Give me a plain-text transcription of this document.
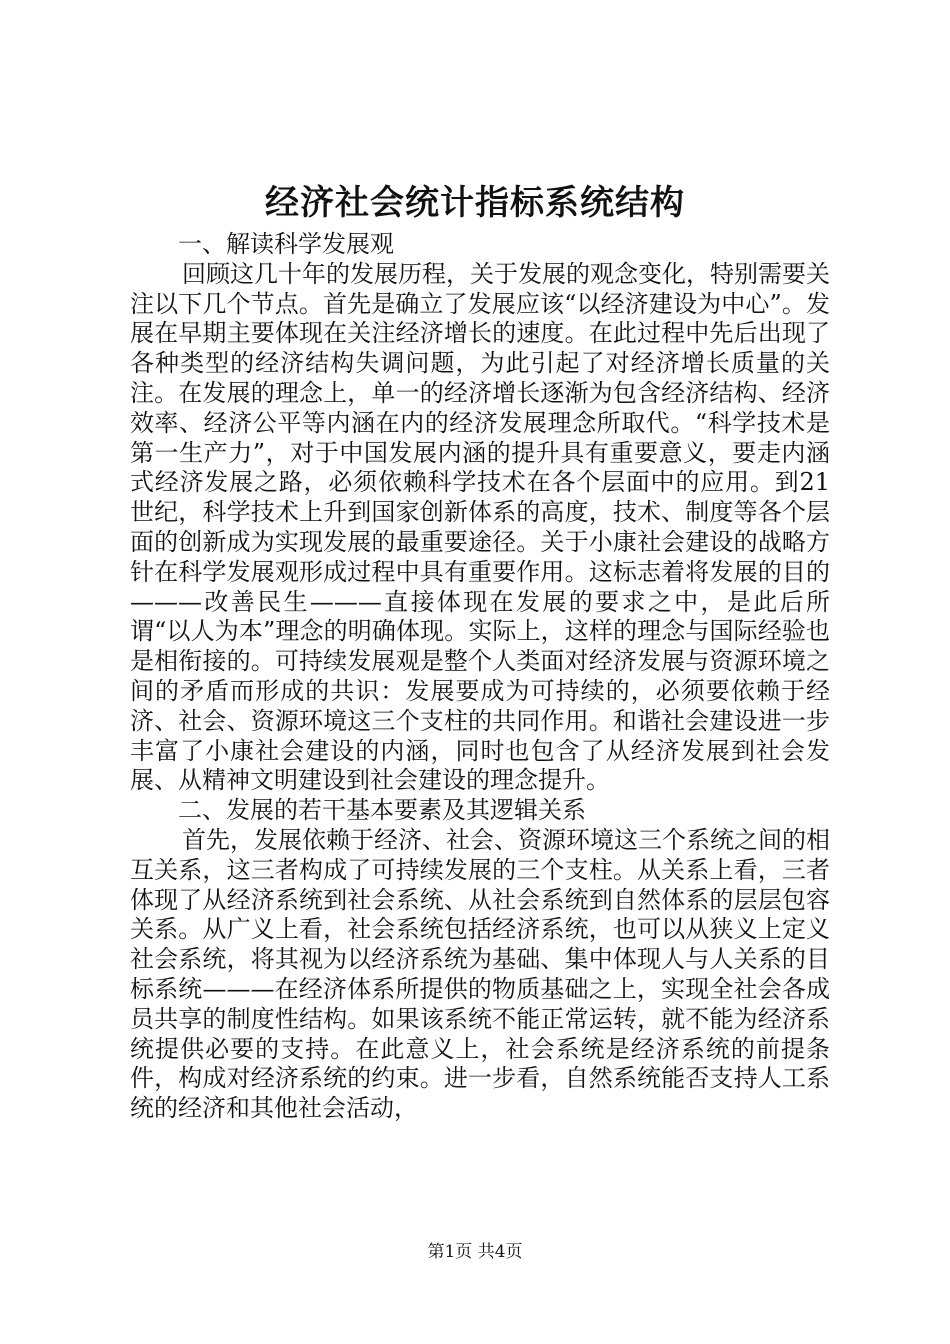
经济社会统计指标系统结构
一、解读科学发展观

回顾这几十年的发展历程，关于发展的观念变化，特别需要关注以下几个节点。首先是确立了发展应该“以经济建设为中心”。发展在早期主要体现在关注经济增长的速度。在此过程中先后出现了各种类型的经济结构失调问题，为此引起了对经济增长质量的关注。在发展的理念上，单一的经济增长逐渐为包含经济结构、经济效率、经济公平等内涵在内的经济发展理念所取代。“科学技术是第一生产力”，对于中国发展内涵的提升具有重要意义，要走内涵式经济发展之路，必须依赖科学技术在各个层面中的应用。到21世纪，科学技术上升到国家创新体系的高度，技术、制度等各个层面的创新成为实现发展的最重要途径。关于小康社会建设的战略方针在科学发展观形成过程中具有重要作用。这标志着将发展的目的———改善民生———直接体现在发展的要求之中，是此后所谓“以人为本”理念的明确体现。实际上，这样的理念与国际经验也是相衔接的。可持续发展观是整个人类面对经济发展与资源环境之间的矛盾而形成的共识：发展要成为可持续的，必须要依赖于经济、社会、资源环境这三个支柱的共同作用。和谐社会建设进一步丰富了小康社会建设的内涵，同时也包含了从经济发展到社会发展、从精神文明建设到社会建设的理念提升。

二、发展的若干基本要素及其逻辑关系

首先，发展依赖于经济、社会、资源环境这三个系统之间的相互关系，这三者构成了可持续发展的三个支柱。从关系上看，三者体现了从经济系统到社会系统、从社会系统到自然体系的层层包容关系。从广义上看，社会系统包括经济系统，也可以从狭义上定义社会系统，将其视为以经济系统为基础、集中体现人与人关系的目标系统———在经济体系所提供的物质基础之上，实现全社会各成员共享的制度性结构。如果该系统不能正常运转，就不能为经济系统提供必要的支持。在此意义上，社会系统是经济系统的前提条件，构成对经济系统的约束。进一步看，自然系统能否支持人工系统的经济和其他社会活动，

第1页 共4页
